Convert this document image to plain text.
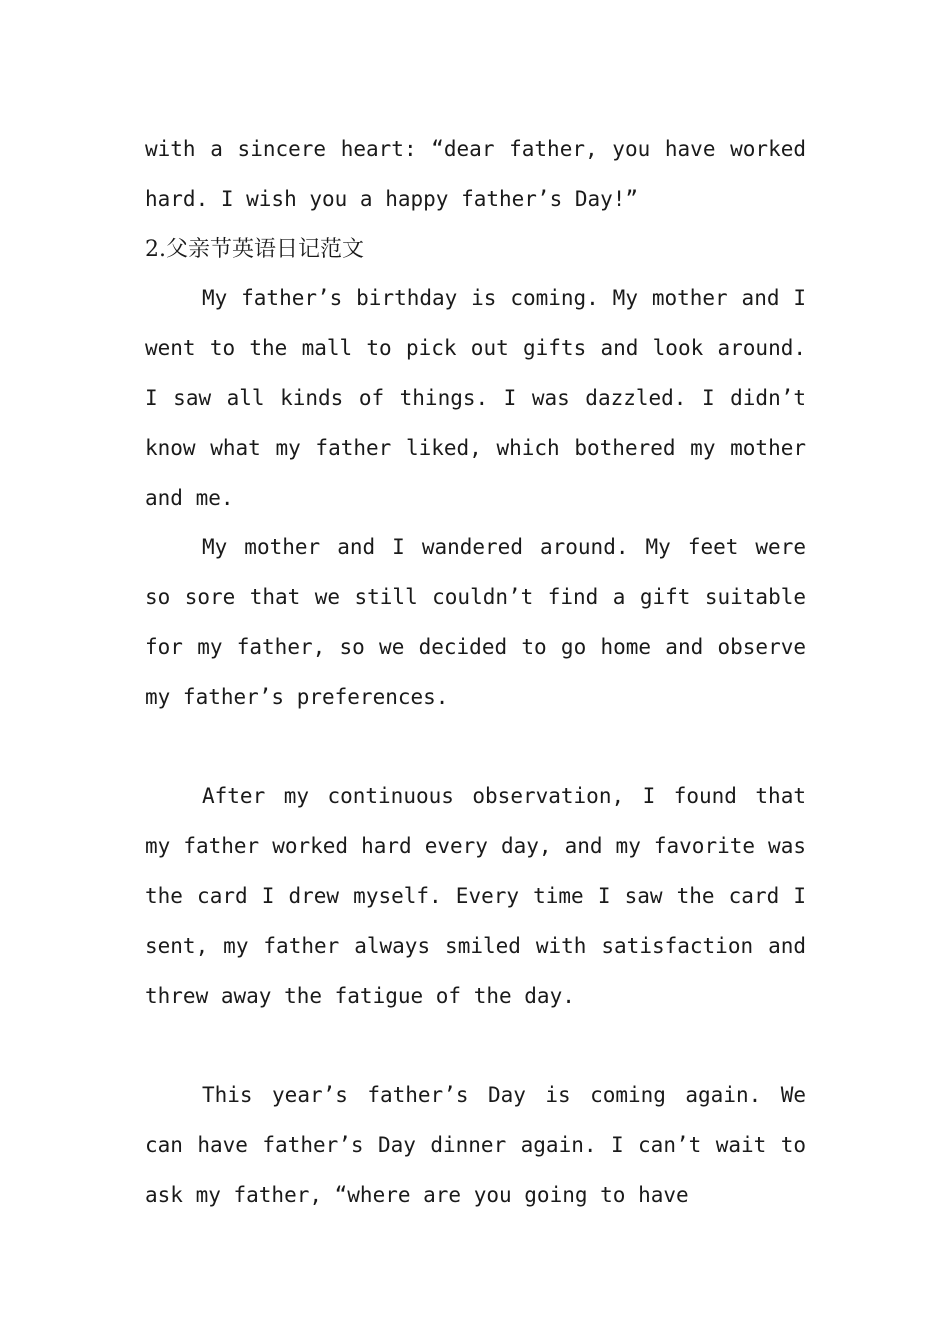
with a sincere heart: “dear father, you have worked hard. I wish you a happy father’s Day!”

2.父亲节英语日记范文

My father’s birthday is coming. My mother and I went to the mall to pick out gifts and look around. I saw all kinds of things. I was dazzled. I didn’t know what my father liked, which bothered my mother and me.

My mother and I wandered around. My feet were so sore that we still couldn’t find a gift suitable for my father, so we decided to go home and observe my father’s preferences.

After my continuous observation, I found that my father worked hard every day, and my favorite was the card I drew myself. Every time I saw the card I sent, my father always smiled with satisfaction and threw away the fatigue of the day.

This year’s father’s Day is coming again. We can have father’s Day dinner again. I can’t wait to ask my father, “where are you going to have
